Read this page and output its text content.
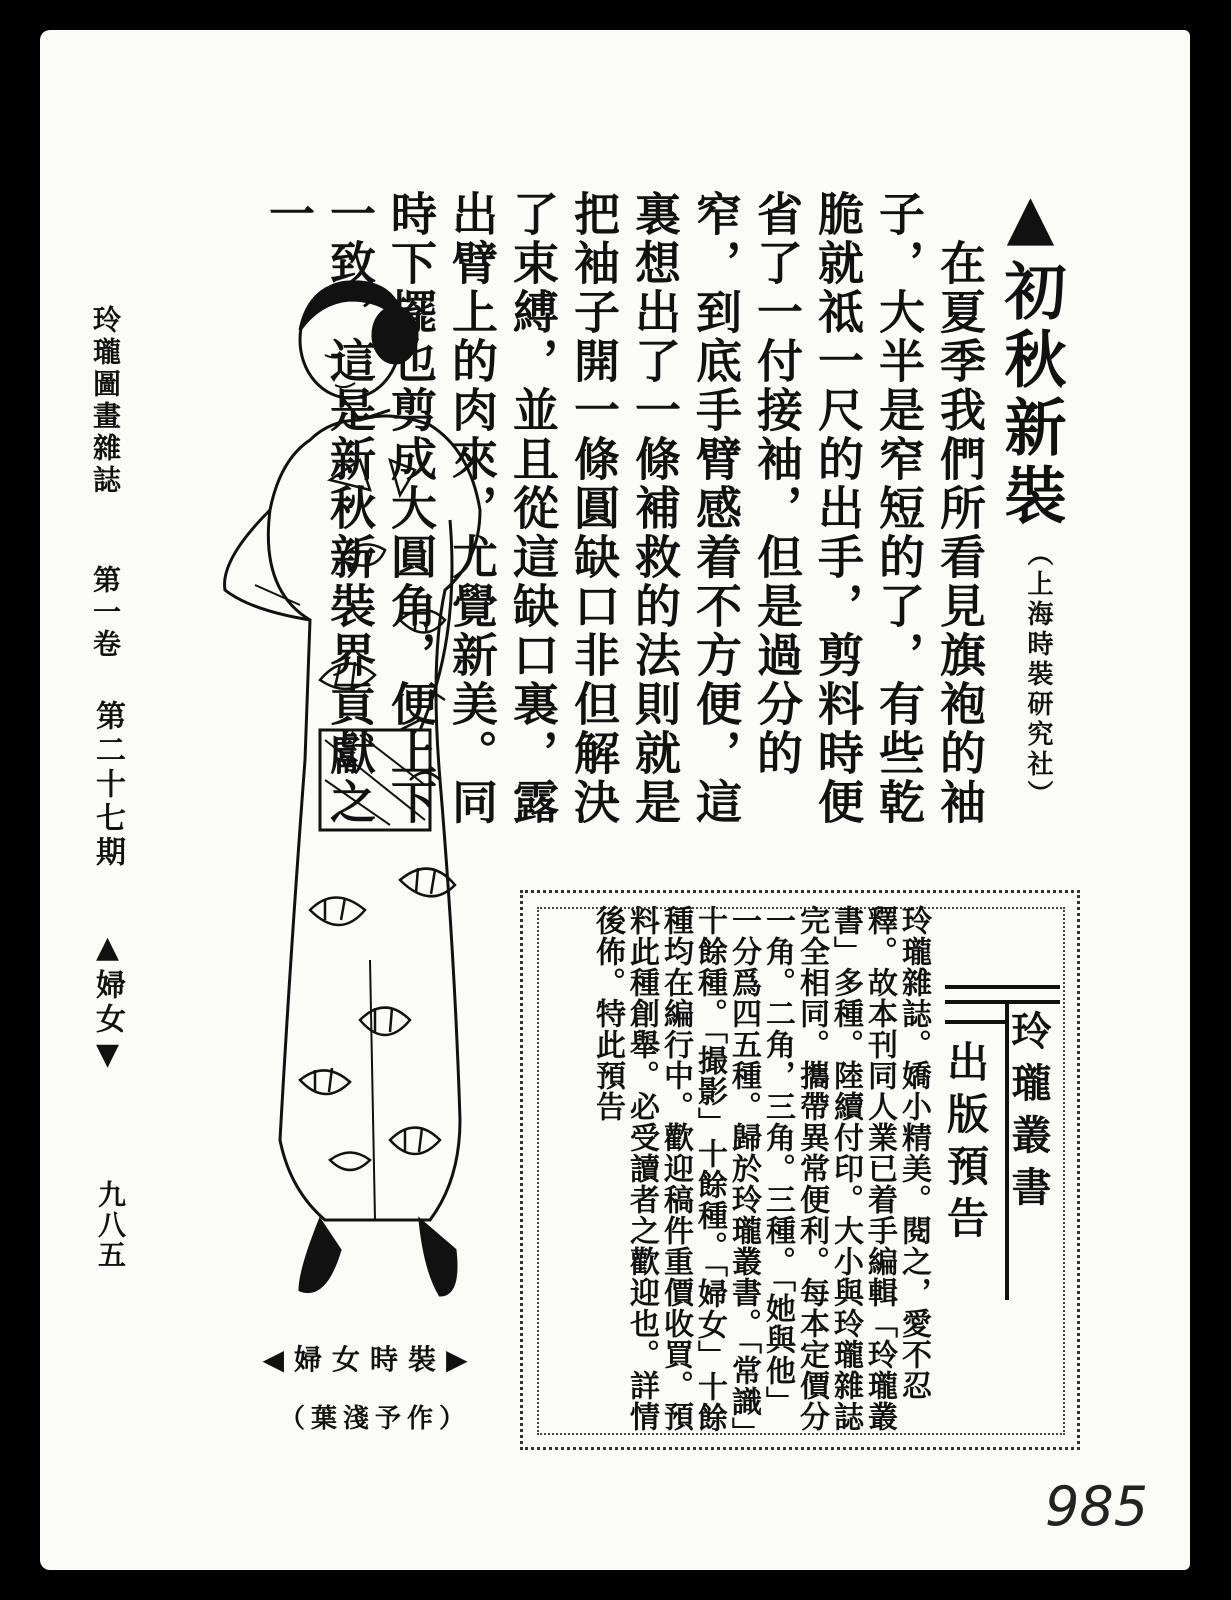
玲瓏圖畫雜誌
第一卷
第二十七期
▲婦女▼
九八五
◀婦女時裝▶
（葉淺予作）
▲初秋新裝
（上海時裝研究社）
　在夏季我們所看見旗袍的袖子，大半是窄短的了，有些乾脆就祗一尺的出手，剪料時便省了一付接袖，但是過分的窄，到底手臂感着不方便，這裏想出了一條補救的法則就是把袖子開一條圓缺口非但解決了束縛，並且從這缺口裏，露出臂上的肉來，尤覺新美。同時下擺也剪成大圓角，便上下一致，這是新秋新裝界貢獻之一
玲瓏叢書
出版預告
玲瓏雜誌。嬌小精美。閱之，愛不忍釋。故本刊同人業已着手編輯「玲瓏叢書」多種。陸續付印。大小與玲瓏雜誌完全相同。攜帶異常便利。每本定價分一角。二角，三角。三種。「她與他」一分爲四五種。歸於玲瓏叢書。「常識」十餘種。「撮影」十餘種。「婦女」十餘種均在編行中。歡迎稿件重價收買。預料此種創舉。必受讀者之歡迎也。詳情後佈。特此預告
985
